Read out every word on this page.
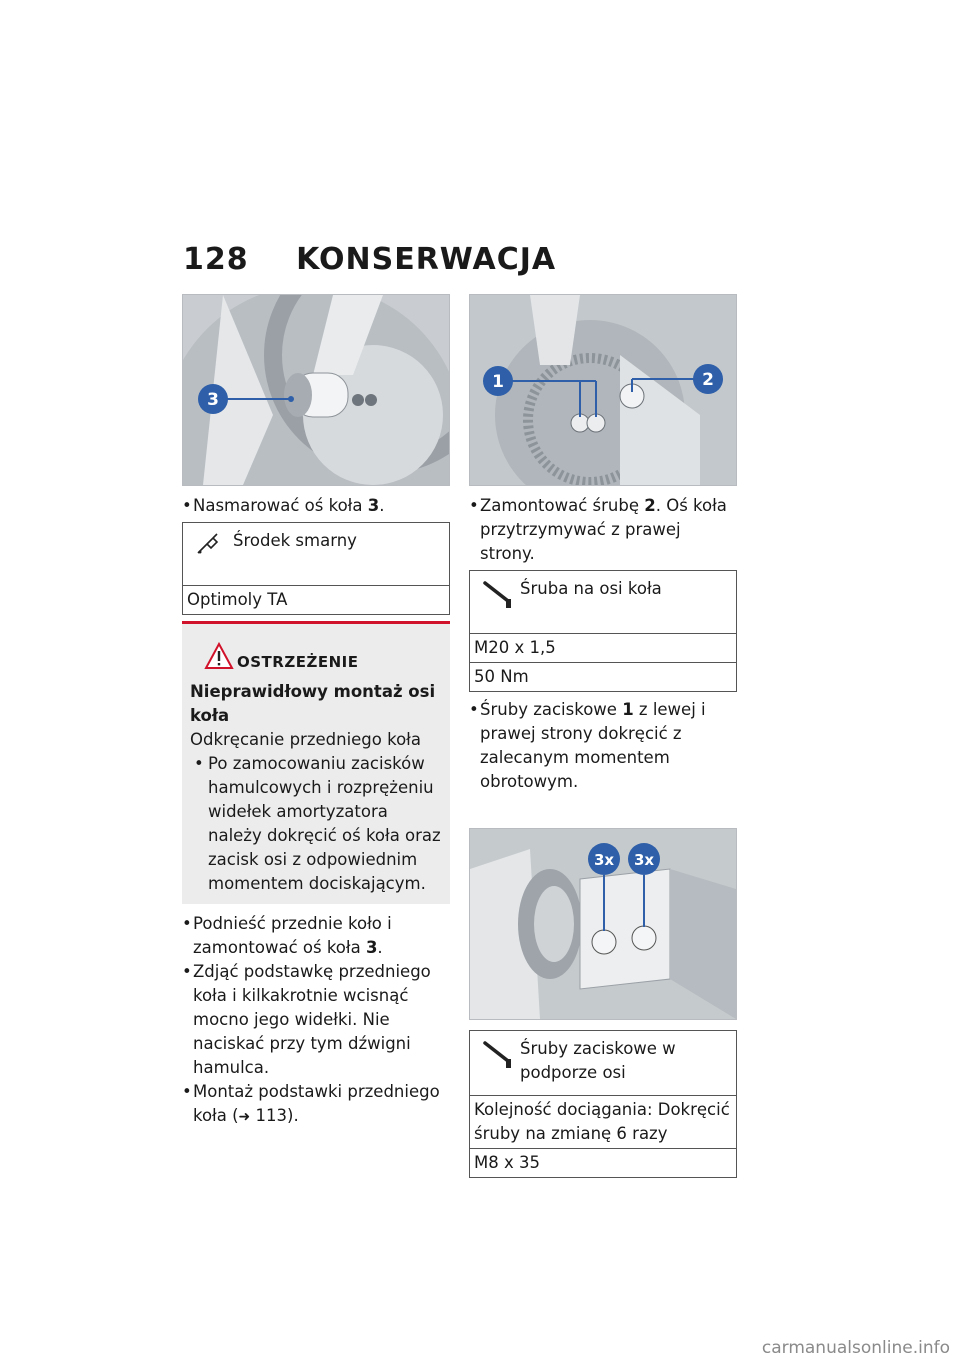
128 KONSERWACJA
3
• Nasmarować oś koła 3.
Środek smarny
Optimoly TA
OSTRZEŻENIE
Nieprawidłowy montaż osi koła
Odkręcanie przedniego koła
• Po zamocowaniu zacisków hamulcowych i rozprężeniu widełek amortyzatora należy dokręcić oś koła oraz zacisk osi z odpowiednim momentem dociskającym.
• Podnieść przednie koło i zamontować oś koła 3.
• Zdjąć podstawkę przedniego koła i kilkakrotnie wcisnąć mocno jego widełki. Nie naciskać przy tym dźwigni hamulca.
• Montaż podstawki przedniego koła (➜ 113).
1	2
• Zamontować śrubę 2. Oś koła przytrzymywać z prawej strony.
Śruba na osi koła
M20 x 1,5
50 Nm
• Śruby zaciskowe 1 z lewej i prawej strony dokręcić z zalecanym momentem obrotowym.
3x 3x
Śruby zaciskowe w podporze osi
Kolejność dociągania: Dokręcić śruby na zmianę 6 razy
M8 x 35
carmanualsonline.info
